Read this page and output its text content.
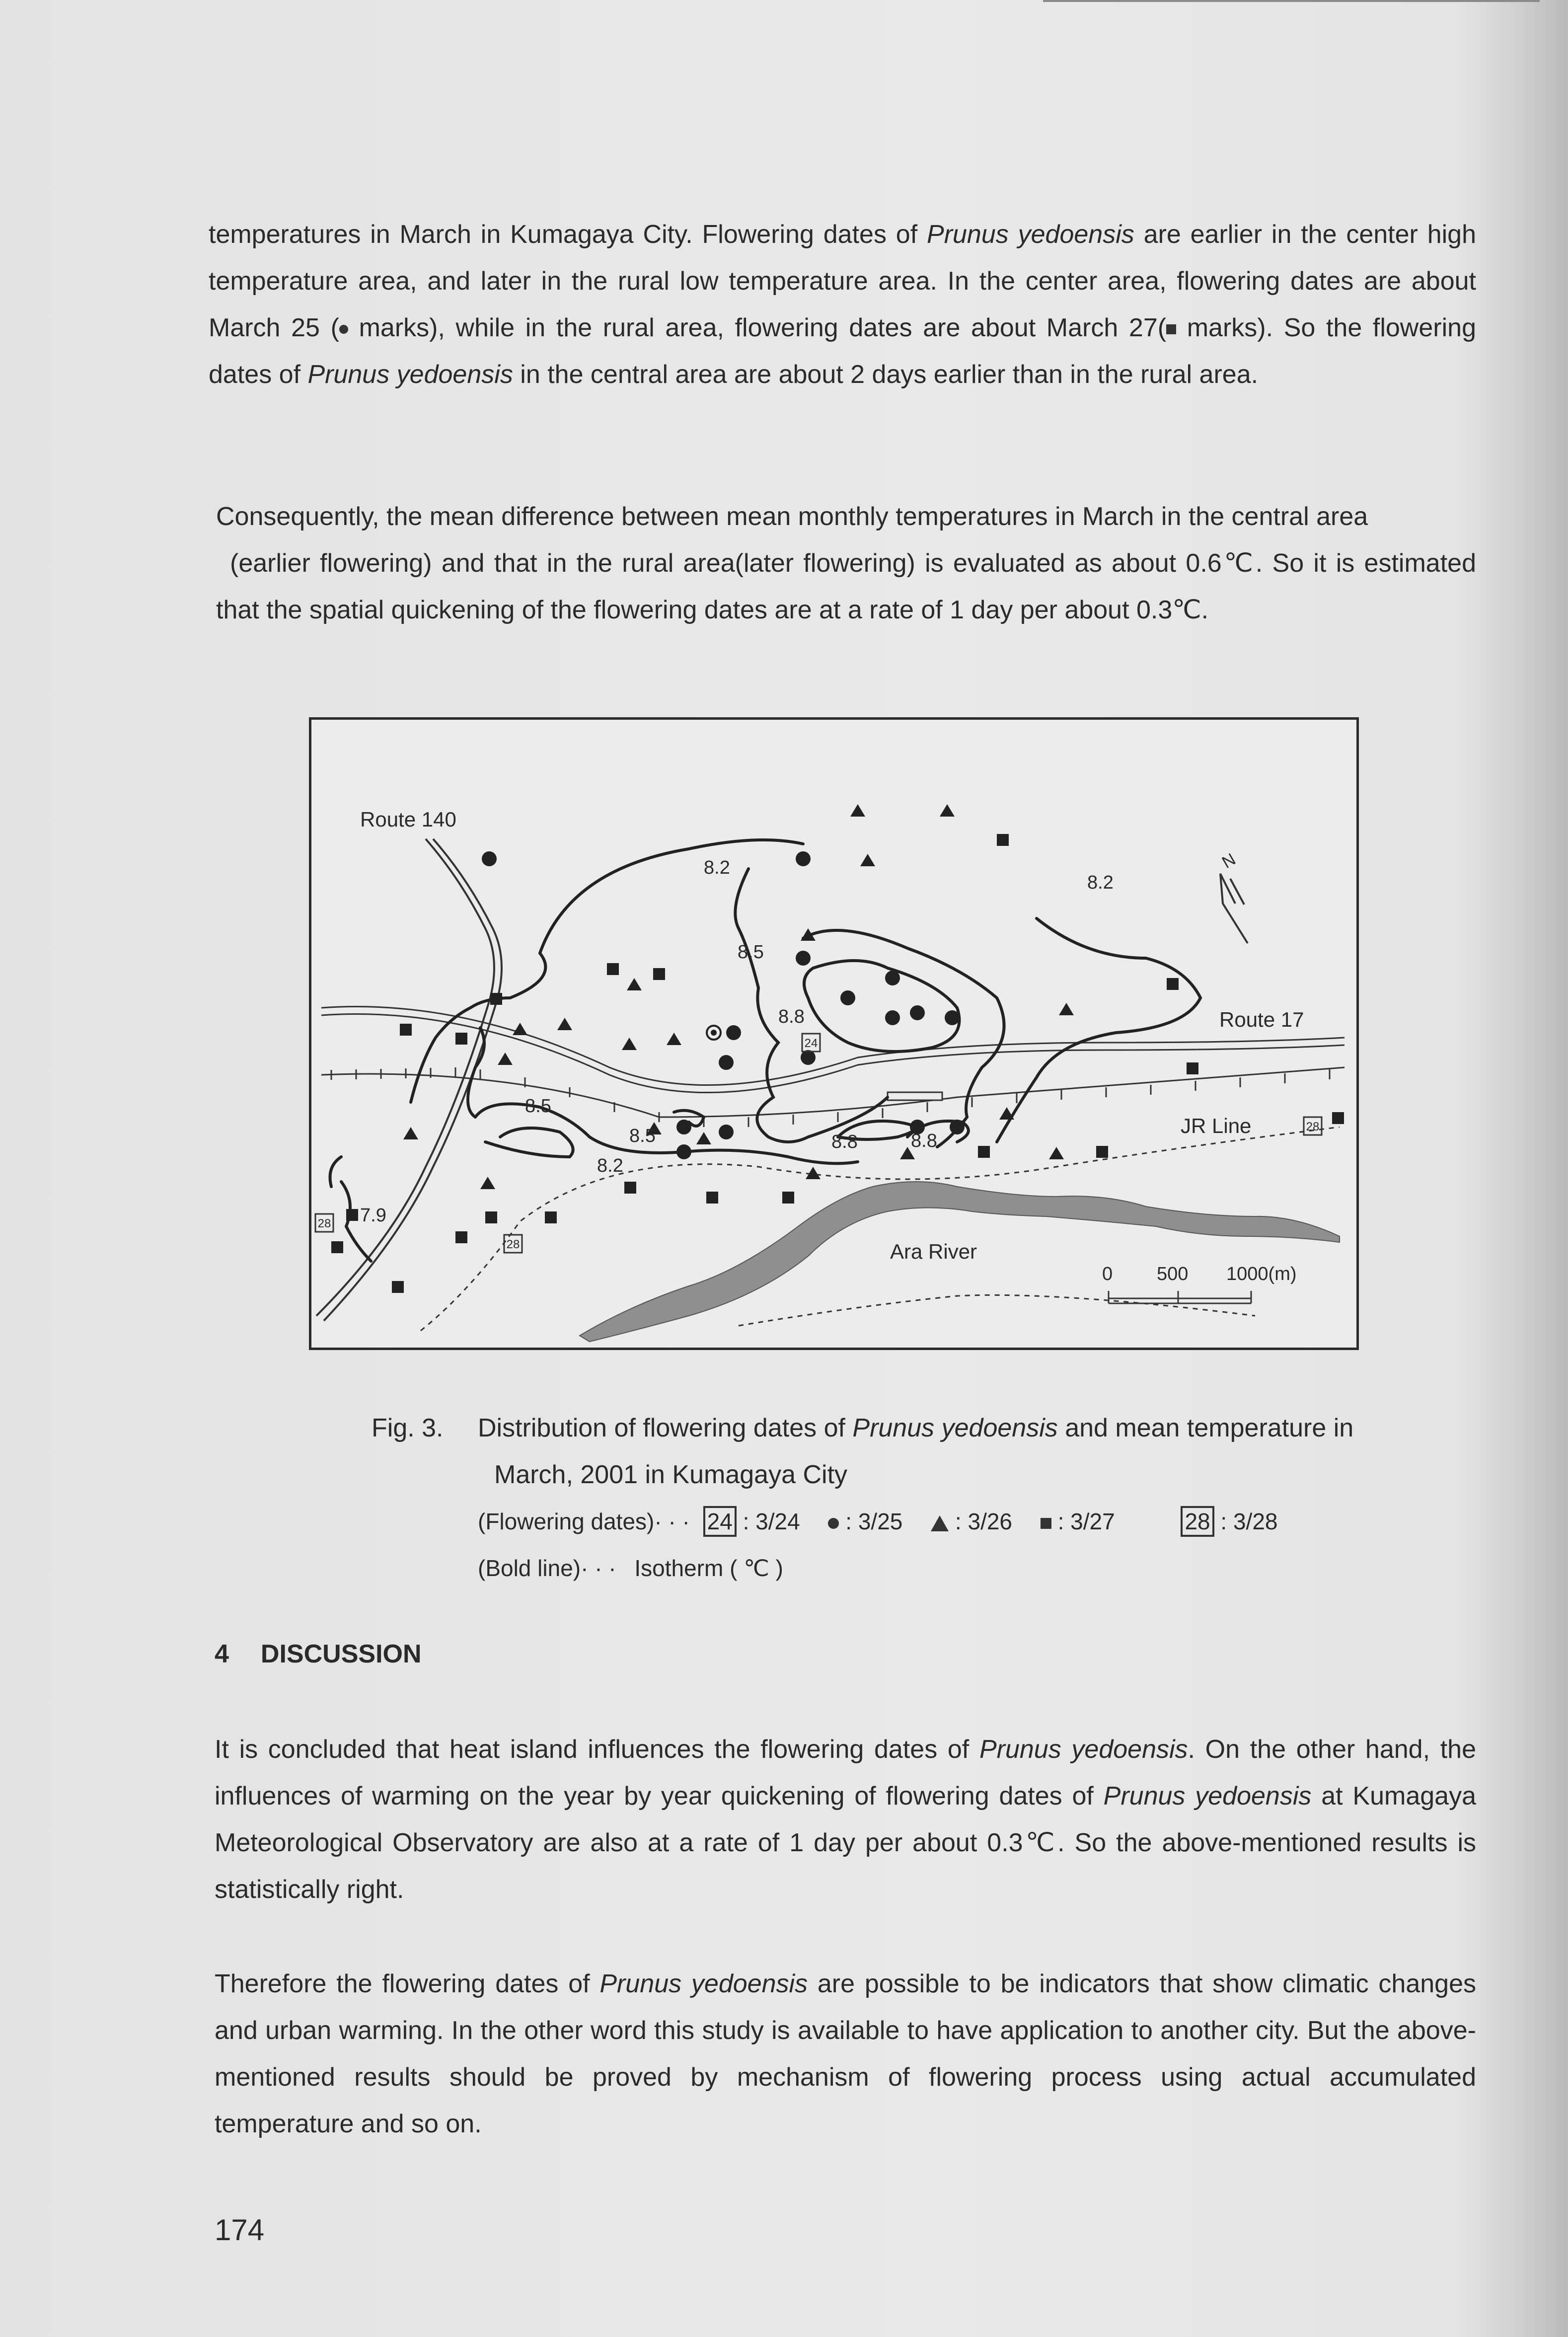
temperatures in March in Kumagaya City. Flowering dates of Prunus yedoensis are earlier in the center high temperature area, and later in the rural low temperature area. In the center area, flowering dates are about March 25 ( marks), while in the rural area, flowering dates are about March 27( marks). So the flowering dates of Prunus yedoensis in the central area are about 2 days earlier than in the rural area.

Consequently, the mean difference between mean monthly temperatures in March in the central area
(earlier flowering) and that in the rural area(later flowering) is evaluated as about 0.6℃. So it is estimated that the spatial quickening of the flowering dates are at a rate of 1 day per about 0.3℃.

24
28
28
28
Route 140
Route 17
JR Line
Ara River
8.2
8.2
8.2
8.5
8.5
8.5
8.8
8.8	8.8
7.9
N
0 500 1000(m)
Fig. 3. Distribution of flowering dates of Prunus yedoensis and mean temperature in
March, 2001 in Kumagaya City
(Flowering dates)· · · 24 : 3/24 : 3/25 : 3/26 : 3/27	28 : 3/28
(Bold line)· · · Isotherm ( ℃ )
4 DISCUSSION

It is concluded that heat island influences the flowering dates of Prunus yedoensis. On the other hand, the influences of warming on the year by year quickening of flowering dates of Prunus yedoensis at Kumagaya Meteorological Observatory are also at a rate of 1 day per about 0.3℃. So the above-mentioned results is statistically right.

Therefore the flowering dates of Prunus yedoensis are possible to be indicators that show climatic changes and urban warming. In the other word this study is available to have application to another city. But the above-mentioned results should be proved by mechanism of flowering process using actual accumulated temperature and so on.

174
